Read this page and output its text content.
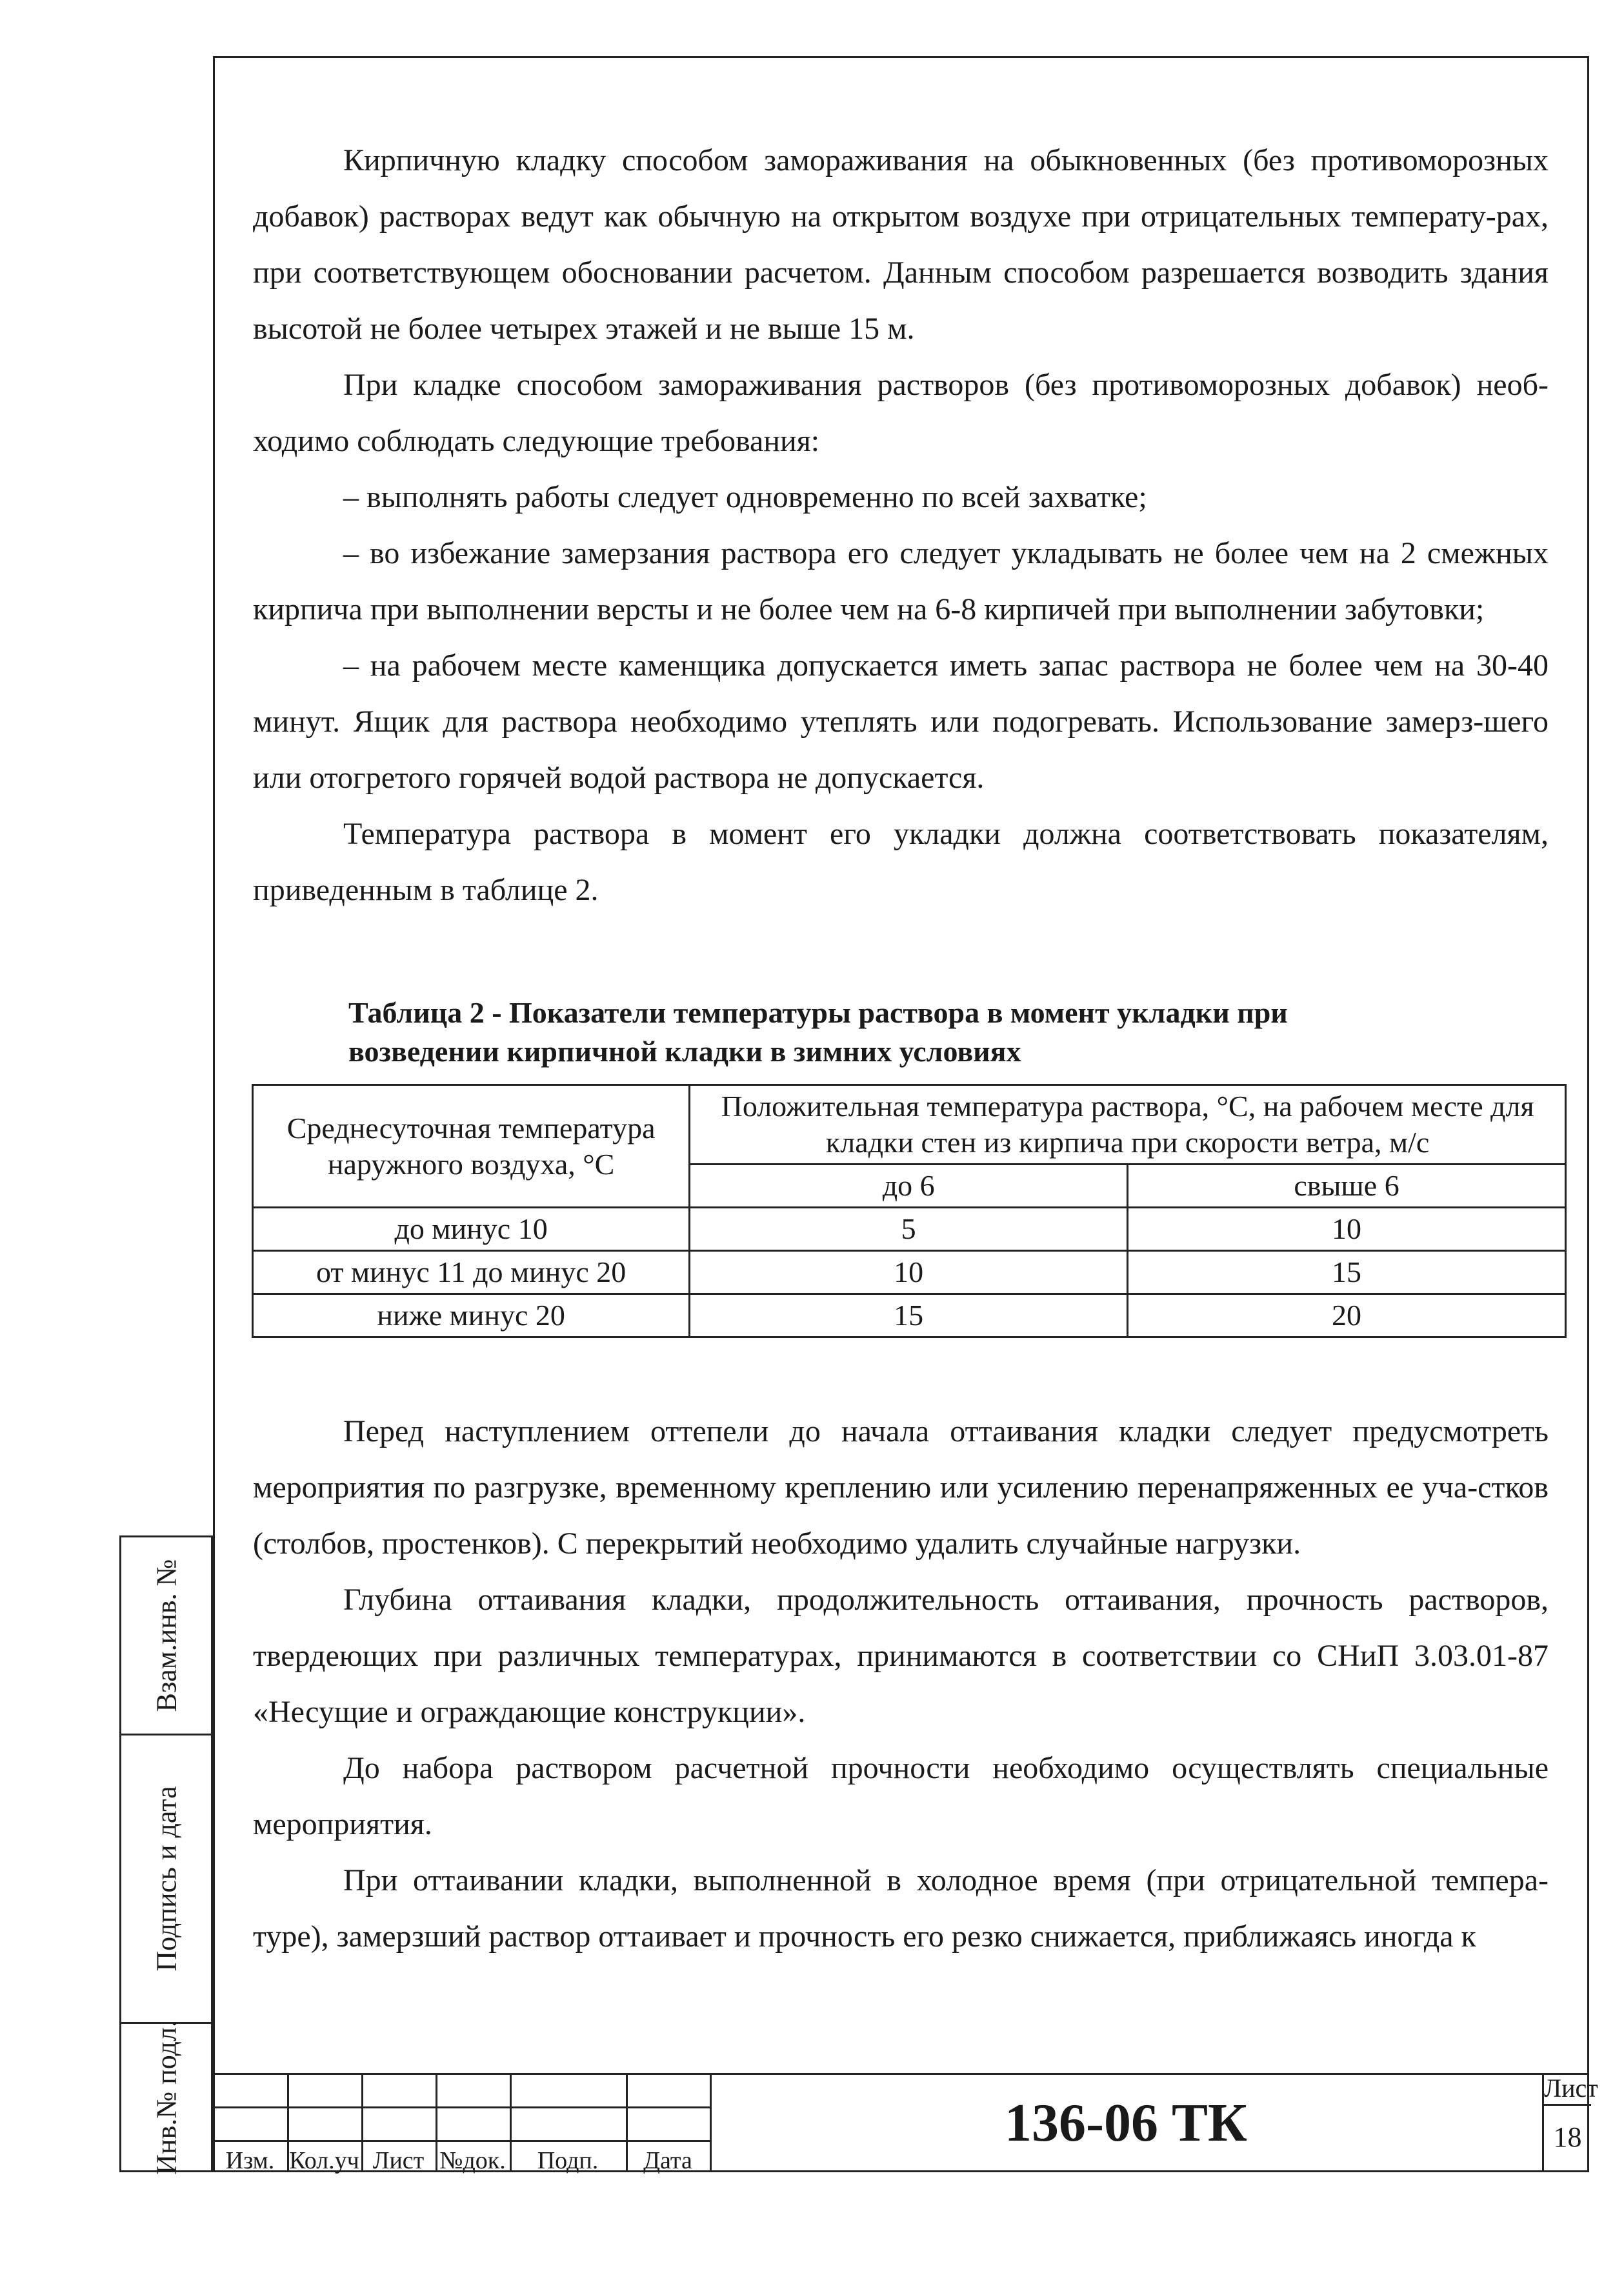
Кирпичную кладку способом замораживания на обыкновенных (без противоморозных добавок) растворах ведут как обычную на открытом воздухе при отрицательных температу-рах, при соответствующем обосновании расчетом. Данным способом разрешается возводить здания высотой не более четырех этажей и не выше 15 м.

При кладке способом замораживания растворов (без противоморозных добавок) необ-ходимо соблюдать следующие требования:

– выполнять работы следует одновременно по всей захватке;

– во избежание замерзания раствора его следует укладывать не более чем на 2 смежных кирпича при выполнении версты и не более чем на 6-8 кирпичей при выполнении забутовки;

– на рабочем месте каменщика допускается иметь запас раствора не более чем на 30-40 минут. Ящик для раствора необходимо утеплять или подогревать. Использование замерз-шего или отогретого горячей водой раствора не допускается.

Температура раствора в момент его укладки должна соответствовать показателям, приведенным в таблице 2.

Таблица 2 - Показатели температуры раствора в момент укладки при
возведении кирпичной кладки в зимних условиях
Среднесуточная температура наружного воздуха, °С	Положительная температура раствора, °С, на рабочем месте для кладки стен из кирпича при скорости ветра, м/с	
	до 6	свыше 6
до минус 10	5	10
от минус 11 до минус 20	10	15
ниже минус 20	15	20

Перед наступлением оттепели до начала оттаивания кладки следует предусмотреть мероприятия по разгрузке, временному креплению или усилению перенапряженных ее уча-стков (столбов, простенков). С перекрытий необходимо удалить случайные нагрузки.

Глубина оттаивания кладки, продолжительность оттаивания, прочность растворов, твердеющих при различных температурах, принимаются в соответствии со СНиП 3.03.01-87 «Несущие и ограждающие конструкции».

До набора раствором расчетной прочности необходимо осуществлять специальные мероприятия.

При оттаивании кладки, выполненной в холодное время (при отрицательной темпера-туре), замерзший раствор оттаивает и прочность его резко снижается, приближаясь иногда к

Взам.инв. №
Подпись и дата
Инв.№ подл.	Изм. Кол.уч Лист №док.	Подп.	Дата
136-06 ТК
Лист
18
